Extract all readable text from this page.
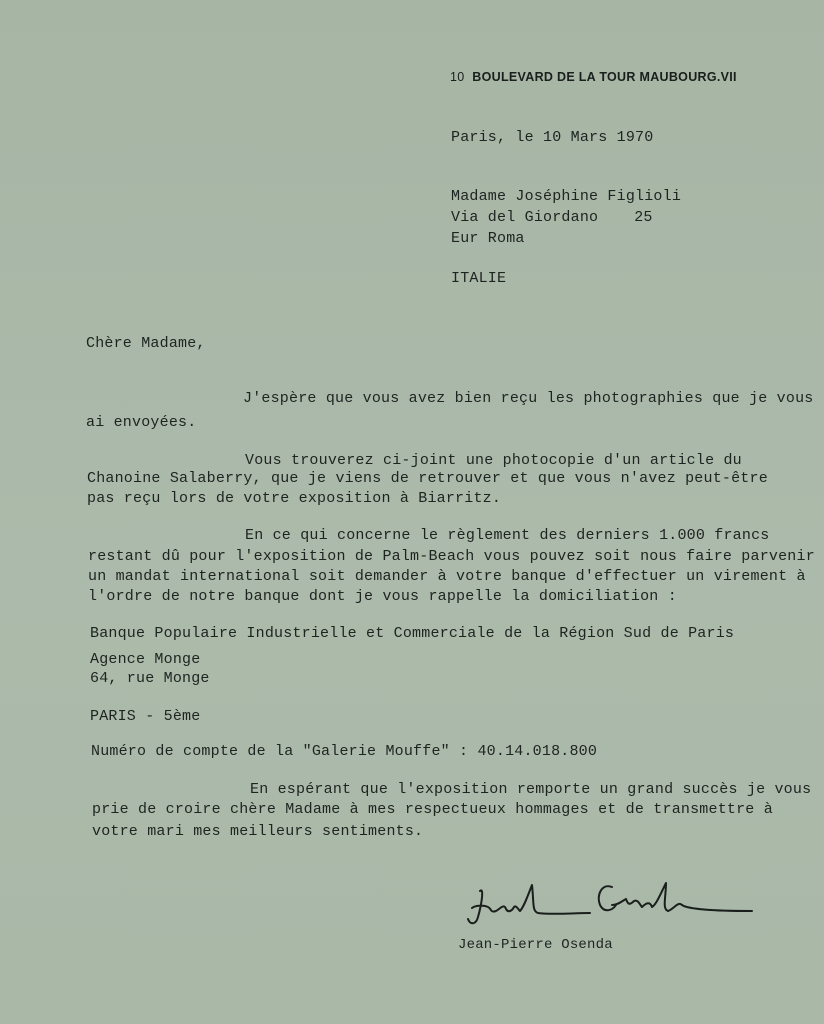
10 BOULEVARD DE LA TOUR MAUBOURG.VII
Paris, le 10 Mars 1970
Madame Joséphine Figlioli
Via del Giordano 25
Eur Roma
ITALIE
Chère Madame,
J'espère que vous avez bien reçu les photographies que je vous
ai envoyées.
Vous trouverez ci-joint une photocopie d'un article du
Chanoine Salaberry, que je viens de retrouver et que vous n'avez peut-être
pas reçu lors de votre exposition à Biarritz.
En ce qui concerne le règlement des derniers 1.000 francs
restant dû pour l'exposition de Palm-Beach vous pouvez soit nous faire parvenir
un mandat international soit demander à votre banque d'effectuer un virement à
l'ordre de notre banque dont je vous rappelle la domiciliation :
Banque Populaire Industrielle et Commerciale de la Région Sud de Paris
Agence Monge
64, rue Monge
PARIS - 5ème
Numéro de compte de la "Galerie Mouffe" : 40.14.018.800
En espérant que l'exposition remporte un grand succès je vous
prie de croire chère Madame à mes respectueux hommages et de transmettre à
votre mari mes meilleurs sentiments.
Jean-Pierre Osenda
